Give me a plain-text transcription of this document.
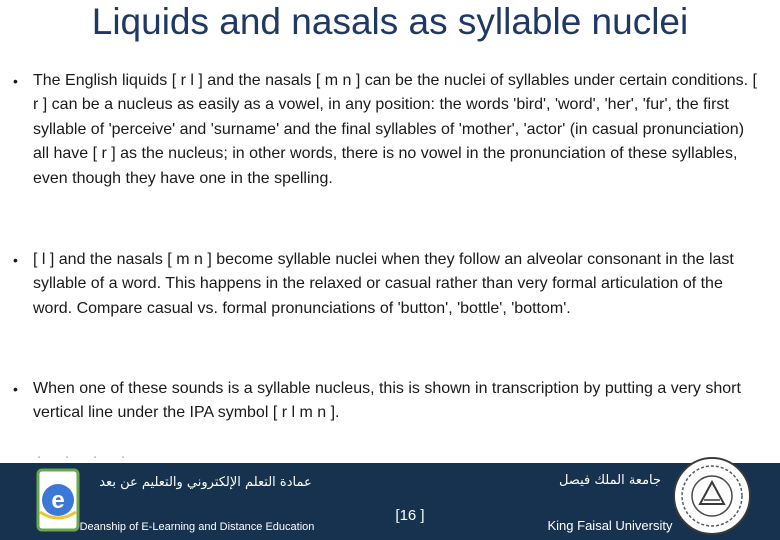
Liquids and nasals as syllable nuclei
• The English liquids [ r l ] and the nasals [ m n ] can be the nuclei of syllables under certain conditions. [ r ] can be a nucleus as easily as a vowel, in any position: the words 'bird', 'word', 'her', 'fur', the first syllable of 'perceive' and 'surname' and the final syllables of 'mother', 'actor' (in casual pronunciation) all have [ r ] as the nucleus; in other words, there is no vowel in the pronunciation of these syllables, even though they have one in the spelling.
• [ l ] and the nasals [ m n ] become syllable nuclei when they follow an alveolar consonant in the last syllable of a word. This happens in the relaxed or casual rather than very formal articulation of the word. Compare casual vs. formal pronunciations of 'button', 'bottle', 'bottom'.
• When one of these sounds is a syllable nucleus, this is shown in transcription by putting a very short vertical line under the IPA symbol [ r l m n ].
ˌ ˌ ˌ ˌ
e
عمادة التعلم الإلكتروني والتعليم عن بعد
Deanship of E-Learning and Distance Education
[16 ]
جامعة الملك فيصل
King Faisal University
